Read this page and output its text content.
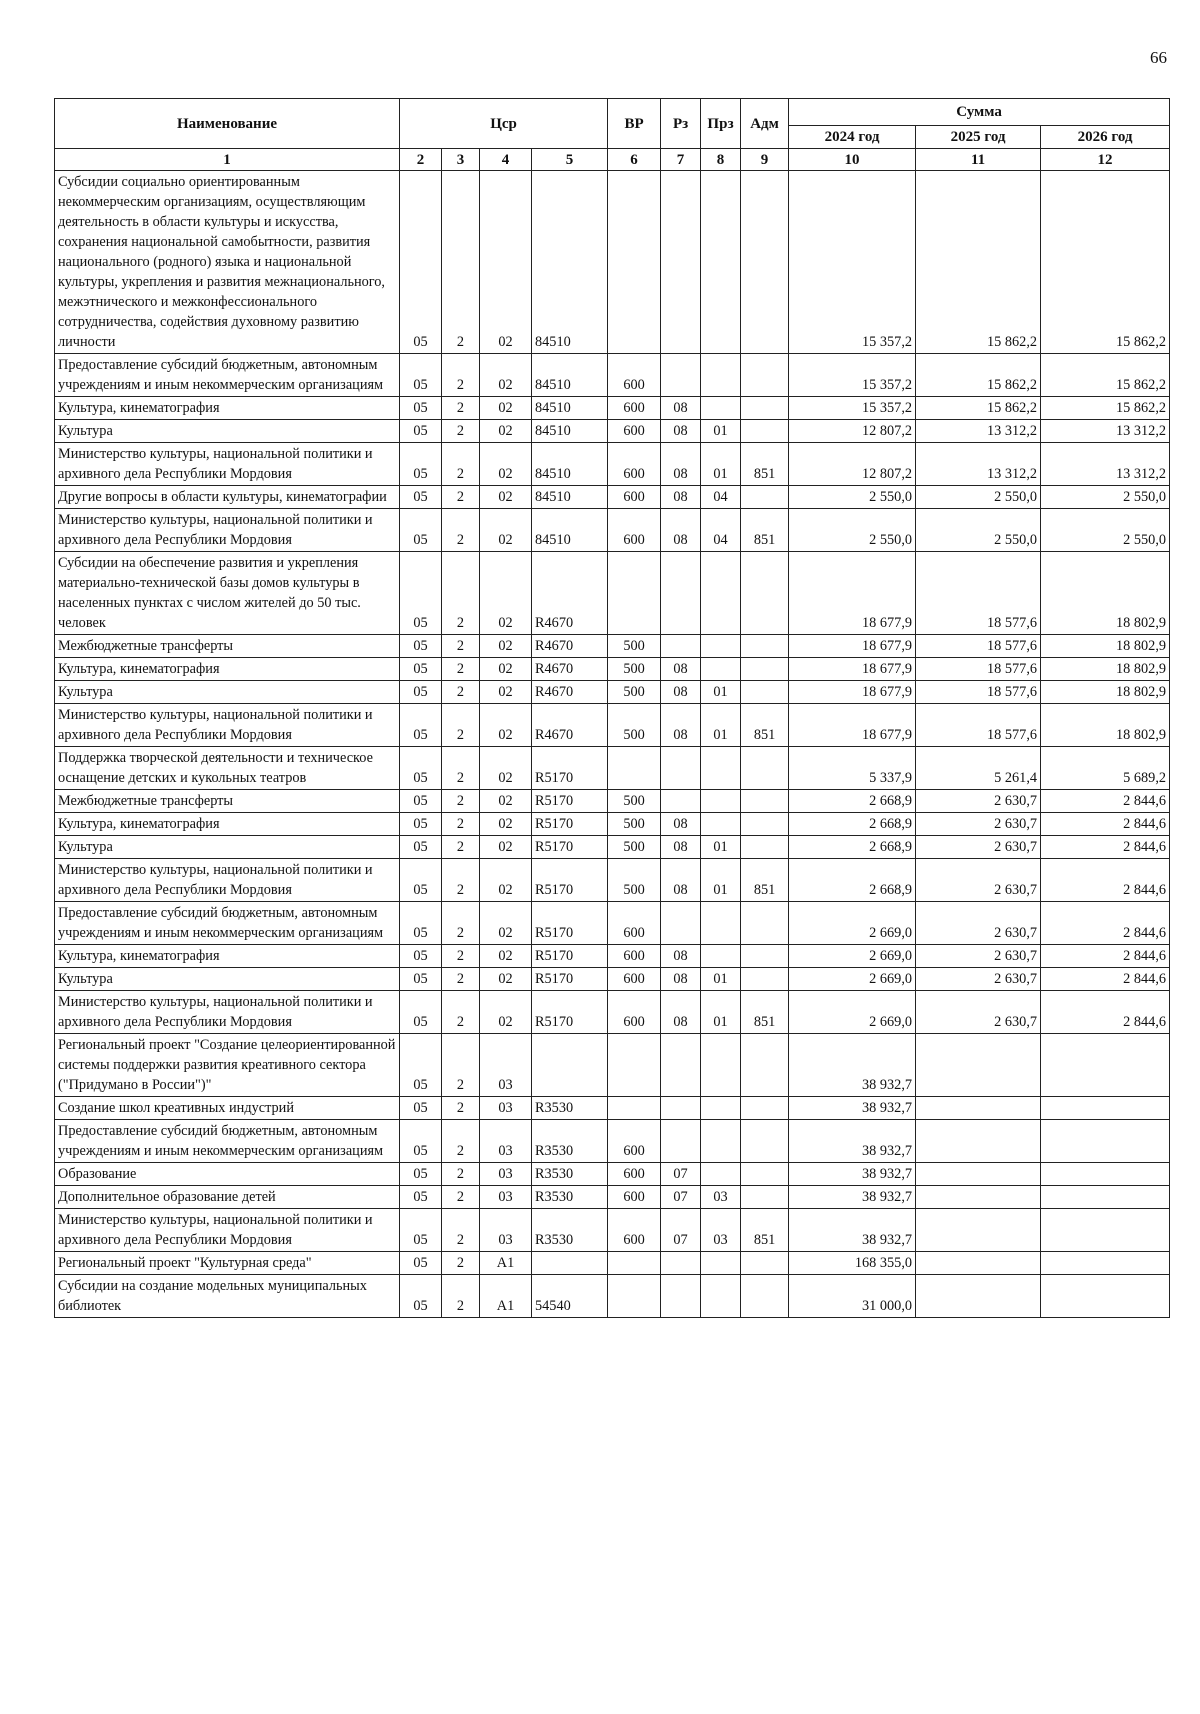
66
Наименование	Цср				ВР	Рз	Прз	Адм	Сумма		
									2024 год	2025 год	2026 год
1	2	3	4	5	6	7	8	9	10	11	12
Субсидии социально ориентированным некоммерческим организациям, осуществляющим деятельность в области культуры и искусства, сохранения национальной самобытности, развития национального (родного) языка и национальной культуры, укрепления и развития межнационального, межэтнического и межконфессионального сотрудничества, содействия духовному развитию личности	05	2	02	84510					15 357,2	15 862,2	15 862,2
Предоставление субсидий бюджетным, автономным учреждениям и иным некоммерческим организациям	05	2	02	84510	600				15 357,2	15 862,2	15 862,2
Культура, кинематография	05	2	02	84510	600	08			15 357,2	15 862,2	15 862,2
Культура	05	2	02	84510	600	08	01		12 807,2	13 312,2	13 312,2
Министерство культуры, национальной политики и архивного дела Республики Мордовия	05	2	02	84510	600	08	01	851	12 807,2	13 312,2	13 312,2
Другие вопросы в области культуры, кинематографии	05	2	02	84510	600	08	04		2 550,0	2 550,0	2 550,0
Министерство культуры, национальной политики и архивного дела Республики Мордовия	05	2	02	84510	600	08	04	851	2 550,0	2 550,0	2 550,0
Субсидии на обеспечение развития и укрепления материально-технической базы домов культуры в населенных пунктах с числом жителей до 50 тыс. человек	05	2	02	R4670					18 677,9	18 577,6	18 802,9
Межбюджетные трансферты	05	2	02	R4670	500				18 677,9	18 577,6	18 802,9
Культура, кинематография	05	2	02	R4670	500	08			18 677,9	18 577,6	18 802,9
Культура	05	2	02	R4670	500	08	01		18 677,9	18 577,6	18 802,9
Министерство культуры, национальной политики и архивного дела Республики Мордовия	05	2	02	R4670	500	08	01	851	18 677,9	18 577,6	18 802,9
Поддержка творческой деятельности и техническое оснащение детских и кукольных театров	05	2	02	R5170					5 337,9	5 261,4	5 689,2
Межбюджетные трансферты	05	2	02	R5170	500				2 668,9	2 630,7	2 844,6
Культура, кинематография	05	2	02	R5170	500	08			2 668,9	2 630,7	2 844,6
Культура	05	2	02	R5170	500	08	01		2 668,9	2 630,7	2 844,6
Министерство культуры, национальной политики и архивного дела Республики Мордовия	05	2	02	R5170	500	08	01	851	2 668,9	2 630,7	2 844,6
Предоставление субсидий бюджетным, автономным учреждениям и иным некоммерческим организациям	05	2	02	R5170	600				2 669,0	2 630,7	2 844,6
Культура, кинематография	05	2	02	R5170	600	08			2 669,0	2 630,7	2 844,6
Культура	05	2	02	R5170	600	08	01		2 669,0	2 630,7	2 844,6
Министерство культуры, национальной политики и архивного дела Республики Мордовия	05	2	02	R5170	600	08	01	851	2 669,0	2 630,7	2 844,6
Региональный проект "Создание целеориентированной системы поддержки развития креативного сектора ("Придумано в России")"	05	2	03						38 932,7		
Создание школ креативных индустрий	05	2	03	R3530					38 932,7		
Предоставление субсидий бюджетным, автономным учреждениям и иным некоммерческим организациям	05	2	03	R3530	600				38 932,7		
Образование	05	2	03	R3530	600	07			38 932,7		
Дополнительное образование детей	05	2	03	R3530	600	07	03		38 932,7		
Министерство культуры, национальной политики и архивного дела Республики Мордовия	05	2	03	R3530	600	07	03	851	38 932,7		
Региональный проект "Культурная среда"	05	2	A1						168 355,0		
Субсидии на создание модельных муниципальных библиотек	05	2	A1	54540					31 000,0		
